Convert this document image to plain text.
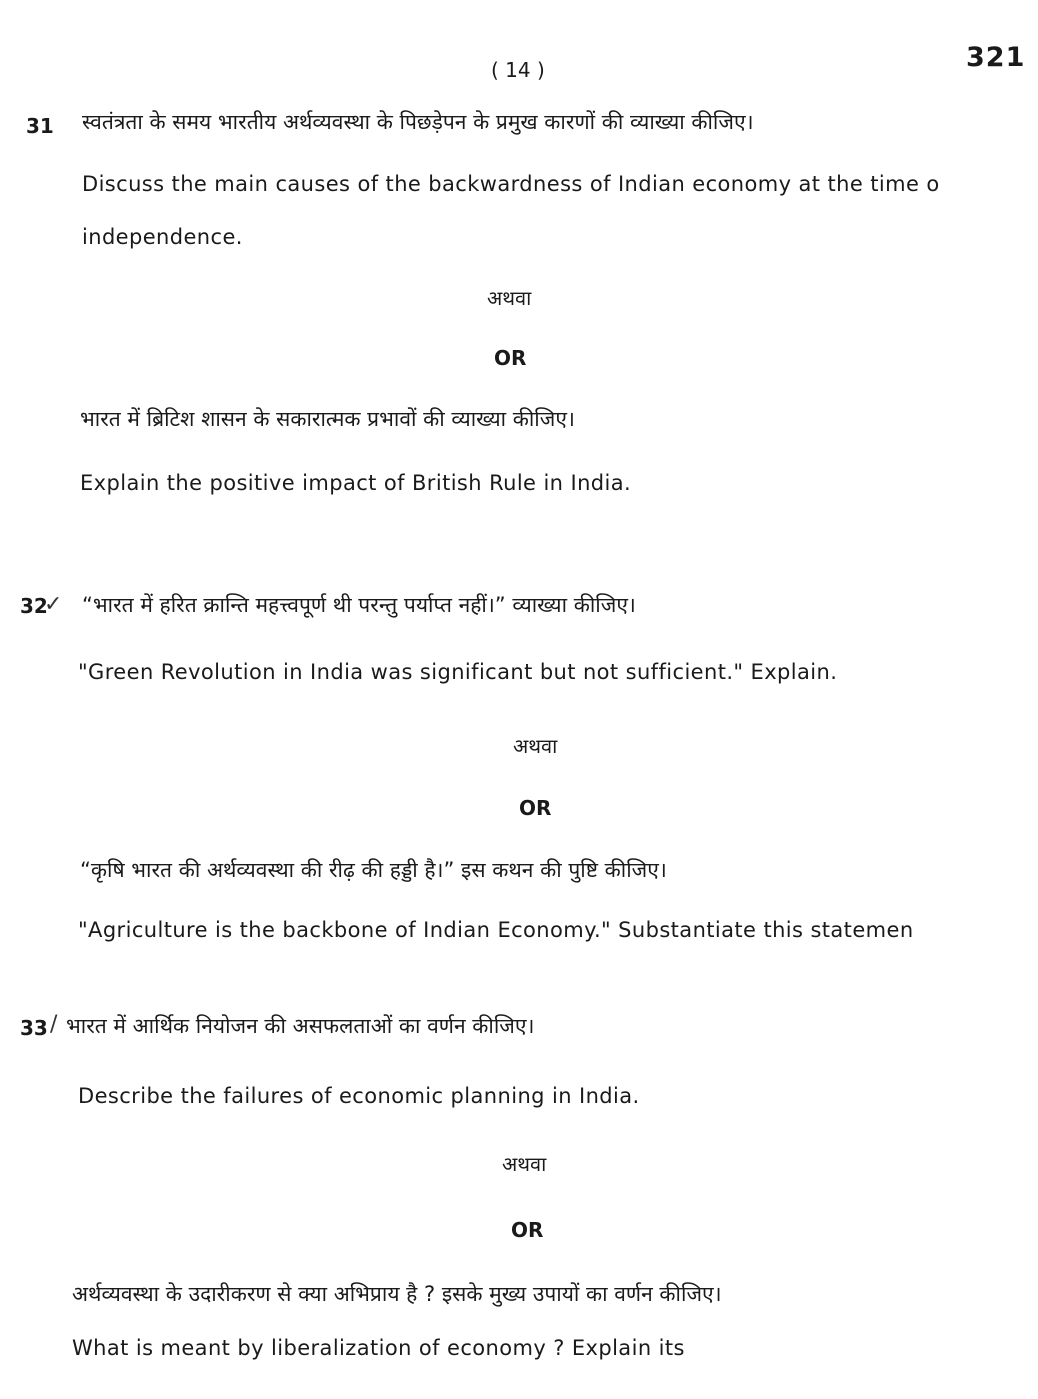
( 14 )	321
31 स्वतंत्रता के समय भारतीय अर्थव्यवस्था के पिछड़ेपन के प्रमुख कारणों की व्याख्या कीजिए।
Discuss the main causes of the backwardness of Indian economy at the time o
independence.
अथवा
OR
भारत में ब्रिटिश शासन के सकारात्मक प्रभावों की व्याख्या कीजिए।
Explain the positive impact of British Rule in India.
32
✓ “भारत में हरित क्रान्ति महत्त्वपूर्ण थी परन्तु पर्याप्त नहीं।” व्याख्या कीजिए।
"Green Revolution in India was significant but not sufficient." Explain.
अथवा
OR
“कृषि भारत की अर्थव्यवस्था की रीढ़ की हड्डी है।” इस कथन की पुष्टि कीजिए।
"Agriculture is the backbone of Indian Economy." Substantiate this statemen
33 / भारत में आर्थिक नियोजन की असफलताओं का वर्णन कीजिए।
Describe the failures of economic planning in India.
अथवा
OR
अर्थव्यवस्था के उदारीकरण से क्या अभिप्राय है ? इसके मुख्य उपायों का वर्णन कीजिए।
What is meant by liberalization of economy ? Explain its
